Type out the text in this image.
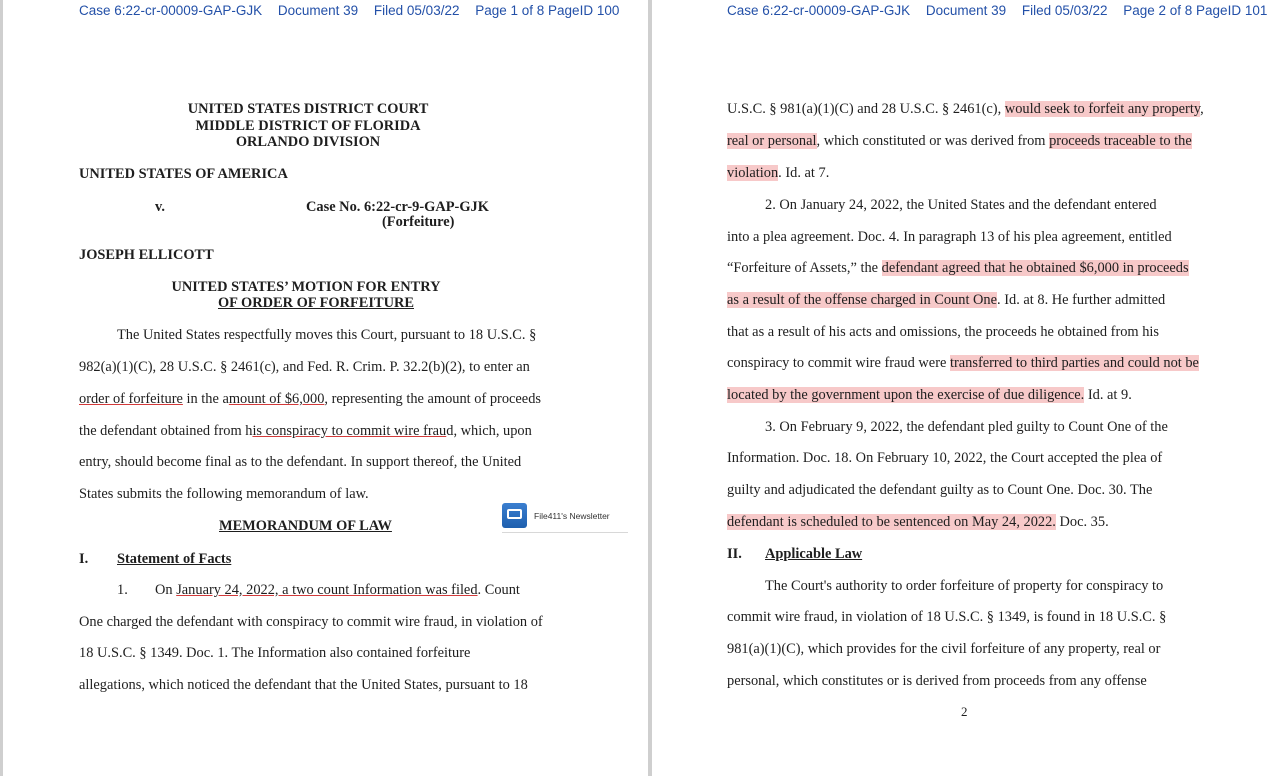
Case 6:22-cr-00009-GAP-GJK Document 39 Filed 05/03/22 Page 1 of 8 PageID 100
UNITED STATES DISTRICT COURT
MIDDLE DISTRICT OF FLORIDA
ORLANDO DIVISION
UNITED STATES OF AMERICA
v.	Case No. 6:22-cr-9-GAP-GJK
(Forfeiture)
JOSEPH ELLICOTT
UNITED STATES’ MOTION FOR ENTRY
OF ORDER OF FORFEITURE
The United States respectfully moves this Court, pursuant to 18 U.S.C. §
982(a)(1)(C), 28 U.S.C. § 2461(c), and Fed. R. Crim. P. 32.2(b)(2), to enter an
order of forfeiture in the amount of $6,000, representing the amount of proceeds
the defendant obtained from his conspiracy to commit wire fraud, which, upon
entry, should become final as to the defendant. In support thereof, the United
States submits the following memorandum of law.
MEMORANDUM OF LAW
File411's Newsletter
I. Statement of Facts
1. On January 24, 2022, a two count Information was filed. Count
One charged the defendant with conspiracy to commit wire fraud, in violation of
18 U.S.C. § 1349. Doc. 1. The Information also contained forfeiture
allegations, which noticed the defendant that the United States, pursuant to 18
Case 6:22-cr-00009-GAP-GJK Document 39 Filed 05/03/22 Page 2 of 8 PageID 101
U.S.C. § 981(a)(1)(C) and 28 U.S.C. § 2461(c), would seek to forfeit any property,
real or personal, which constituted or was derived from proceeds traceable to the
violation. Id. at 7.
2. On January 24, 2022, the United States and the defendant entered
into a plea agreement. Doc. 4. In paragraph 13 of his plea agreement, entitled
“Forfeiture of Assets,” the defendant agreed that he obtained $6,000 in proceeds
as a result of the offense charged in Count One. Id. at 8. He further admitted
that as a result of his acts and omissions, the proceeds he obtained from his
conspiracy to commit wire fraud were transferred to third parties and could not be
located by the government upon the exercise of due diligence. Id. at 9.
3. On February 9, 2022, the defendant pled guilty to Count One of the
Information. Doc. 18. On February 10, 2022, the Court accepted the plea of
guilty and adjudicated the defendant guilty as to Count One. Doc. 30. The
defendant is scheduled to be sentenced on May 24, 2022. Doc. 35.
II. Applicable Law
The Court's authority to order forfeiture of property for conspiracy to
commit wire fraud, in violation of 18 U.S.C. § 1349, is found in 18 U.S.C. §
981(a)(1)(C), which provides for the civil forfeiture of any property, real or
personal, which constitutes or is derived from proceeds from any offense
2
